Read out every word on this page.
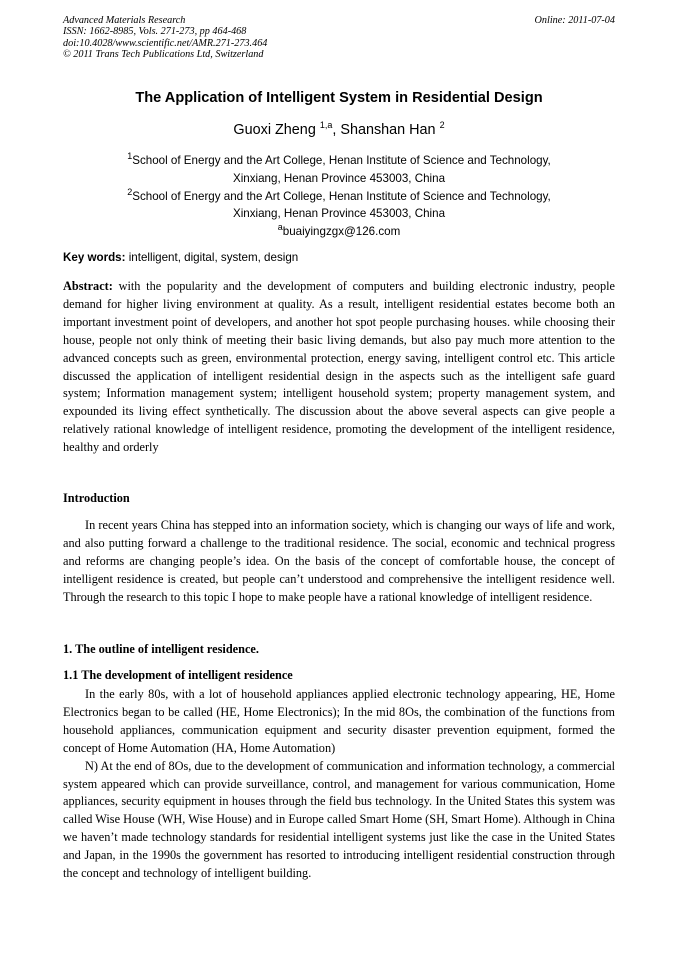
Advanced Materials Research
ISSN: 1662-8985, Vols. 271-273, pp 464-468
doi:10.4028/www.scientific.net/AMR.271-273.464
© 2011 Trans Tech Publications Ltd, Switzerland
Online: 2011-07-04
The Application of Intelligent System in Residential Design
Guoxi Zheng $^{1,a}$, Shanshan Han $^2$
$^1$School of Energy and the Art College, Henan Institute of Science and Technology,
Xinxiang, Henan Province 453003, China
$^2$School of Energy and the Art College, Henan Institute of Science and Technology,
Xinxiang, Henan Province 453003, China
$^a$buaiyingzgx@126.com
Key words: intelligent, digital, system, design

Abstract: with the popularity and the development of computers and building electronic industry, people demand for higher living environment at quality. As a result, intelligent residential estates become both an important investment point of developers, and another hot spot people purchasing houses. while choosing their house, people not only think of meeting their basic living demands, but also pay much more attention to the advanced concepts such as green, environmental protection, energy saving, intelligent control etc. This article discussed the application of intelligent residential design in the aspects such as the intelligent safe guard system; Information management system; intelligent household system; property management system, and expounded its living effect synthetically. The discussion about the above several aspects can give people a relatively rational knowledge of intelligent residence, promoting the development of the intelligent residence, healthy and orderly

Introduction

In recent years China has stepped into an information society, which is changing our ways of life and work, and also putting forward a challenge to the traditional residence. The social, economic and technical progress and reforms are changing people’s idea. On the basis of the concept of comfortable house, the concept of intelligent residence is created, but people can’t understood and comprehensive the intelligent residence well. Through the research to this topic I hope to make people have a rational knowledge of intelligent residence.

1. The outline of intelligent residence.
1.1 The development of intelligent residence

In the early 80s, with a lot of household appliances applied electronic technology appearing, HE, Home Electronics began to be called (HE, Home Electronics); In the mid 8Os, the combination of the functions from household appliances, communication equipment and security disaster prevention equipment, formed the concept of Home Automation (HA, Home Automation)

N) At the end of 8Os, due to the development of communication and information technology, a commercial system appeared which can provide surveillance, control, and management for various communication, Home appliances, security equipment in houses through the field bus technology. In the United States this system was called Wise House (WH, Wise House) and in Europe called Smart Home (SH, Smart Home). Although in China we haven’t made technology standards for residential intelligent systems just like the case in the United States and Japan, in the 1990s the government has resorted to introducing intelligent residential construction through the concept and technology of intelligent building.
